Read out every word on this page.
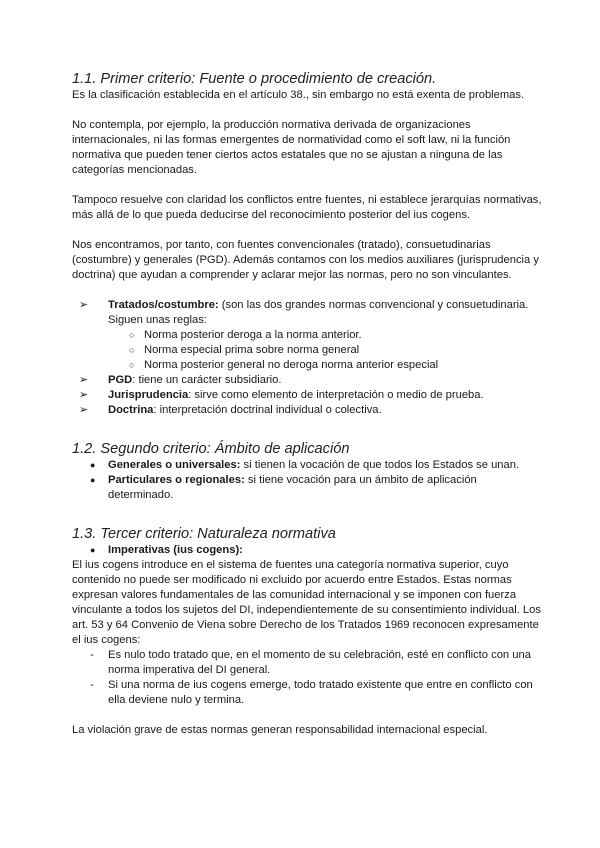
1.1. Primer criterio: Fuente o procedimiento de creación.

Es la clasificación establecida en el artículo 38., sin embargo no está exenta de problemas.

No contempla, por ejemplo, la producción normativa derivada de organizaciones internacionales, ni las formas emergentes de normatividad como el soft law, ni la función normativa que pueden tener ciertos actos estatales que no se ajustan a ninguna de las categorías mencionadas.

Tampoco resuelve con claridad los conflictos entre fuentes, ni establece jerarquías normativas, más allá de lo que pueda deducirse del reconocimiento posterior del ius cogens.

Nos encontramos, por tanto, con fuentes convencionales (tratado), consuetudinarias (costumbre) y generales (PGD). Además contamos con los medios auxiliares (jurisprudencia y doctrina) que ayudan a comprender y aclarar mejor las normas, pero no son vinculantes.

➢ Tratados/costumbre: (son las dos grandes normas convencional y consuetudinaria. Siguen unas reglas:
○ Norma posterior deroga a la norma anterior.
○ Norma especial prima sobre norma general
○ Norma posterior general no deroga norma anterior especial
➢ PGD: tiene un carácter subsidiario.
➢ Jurisprudencia: sirve como elemento de interpretación o medio de prueba.
➢ Doctrina: interpretación doctrinal individual o colectiva.
1.2. Segundo criterio: Ámbito de aplicación
● Generales o universales: si tienen la vocación de que todos los Estados se unan.
● Particulares o regionales: si tiene vocación para un ámbito de aplicación determinado.
1.3. Tercer criterio: Naturaleza normativa
● Imperativas (ius cogens):

El ius cogens introduce en el sistema de fuentes una categoría normativa superior, cuyo contenido no puede ser modificado ni excluido por acuerdo entre Estados. Estas normas expresan valores fundamentales de las comunidad internacional y se imponen con fuerza vinculante a todos los sujetos del DI, independientemente de su consentimiento individual. Los art. 53 y 64 Convenio de Viena sobre Derecho de los Tratados 1969 reconocen expresamente el ius cogens:

- Es nulo todo tratado que, en el momento de su celebración, esté en conflicto con una norma imperativa del DI general.
- Si una norma de ius cogens emerge, todo tratado existente que entre en conflicto con ella deviene nulo y termina.

La violación grave de estas normas generan responsabilidad internacional especial.
